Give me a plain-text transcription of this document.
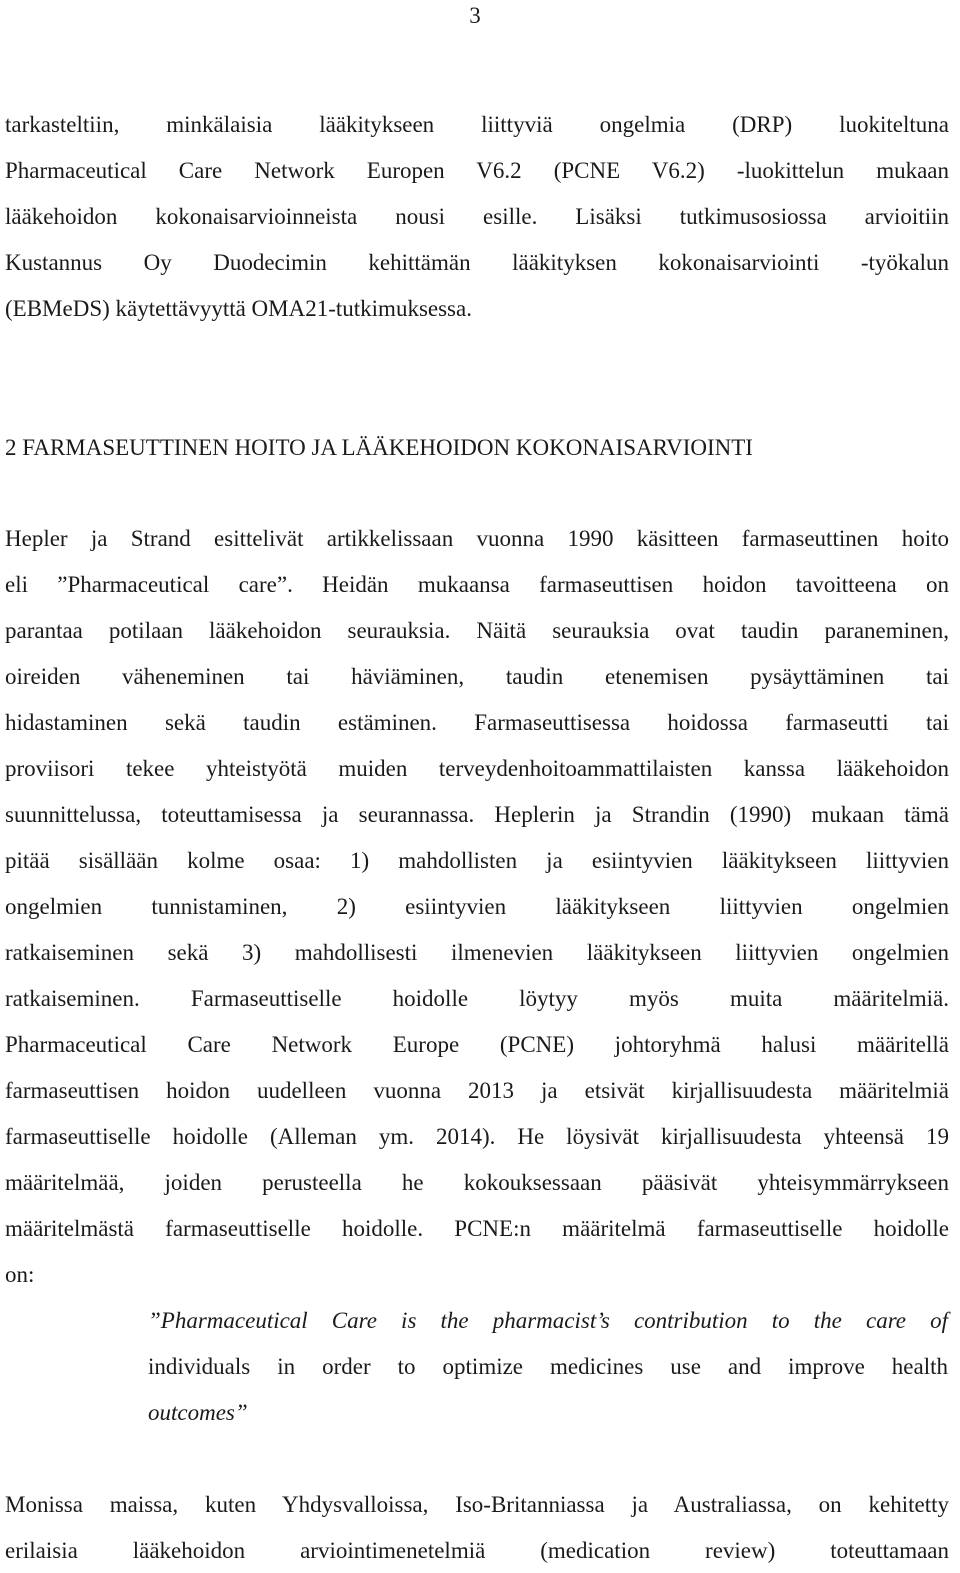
3
tarkasteltiin, minkälaisia lääkitykseen liittyviä ongelmia (DRP) luokiteltuna
Pharmaceutical Care Network Europen V6.2 (PCNE V6.2) -luokittelun mukaan
lääkehoidon kokonaisarvioinneista nousi esille. Lisäksi tutkimusosiossa arvioitiin
Kustannus Oy Duodecimin kehittämän lääkityksen kokonaisarviointi -työkalun
(EBMeDS) käytettävyyttä OMA21-tutkimuksessa.
2 FARMASEUTTINEN HOITO JA LÄÄKEHOIDON KOKONAISARVIOINTI
Hepler ja Strand esittelivät artikkelissaan vuonna 1990 käsitteen farmaseuttinen hoito
eli ”Pharmaceutical care”. Heidän mukaansa farmaseuttisen hoidon tavoitteena on
parantaa potilaan lääkehoidon seurauksia. Näitä seurauksia ovat taudin paraneminen,
oireiden väheneminen tai häviäminen, taudin etenemisen pysäyttäminen tai
hidastaminen sekä taudin estäminen. Farmaseuttisessa hoidossa farmaseutti tai
proviisori tekee yhteistyötä muiden terveydenhoitoammattilaisten kanssa lääkehoidon
suunnittelussa, toteuttamisessa ja seurannassa. Heplerin ja Strandin (1990) mukaan tämä
pitää sisällään kolme osaa: 1) mahdollisten ja esiintyvien lääkitykseen liittyvien
ongelmien tunnistaminen, 2) esiintyvien lääkitykseen liittyvien ongelmien
ratkaiseminen sekä 3) mahdollisesti ilmenevien lääkitykseen liittyvien ongelmien
ratkaiseminen. Farmaseuttiselle hoidolle löytyy myös muita määritelmiä.
Pharmaceutical Care Network Europe (PCNE) johtoryhmä halusi määritellä
farmaseuttisen hoidon uudelleen vuonna 2013 ja etsivät kirjallisuudesta määritelmiä
farmaseuttiselle hoidolle (Alleman ym. 2014). He löysivät kirjallisuudesta yhteensä 19
määritelmää, joiden perusteella he kokouksessaan pääsivät yhteisymmärrykseen
määritelmästä farmaseuttiselle hoidolle. PCNE:n määritelmä farmaseuttiselle hoidolle
on:
”Pharmaceutical Care is the pharmacist’s contribution to the care of
individuals in order to optimize medicines use and improve health
outcomes”
Monissa maissa, kuten Yhdysvalloissa, Iso-Britanniassa ja Australiassa, on kehitetty
erilaisia lääkehoidon arviointimenetelmiä (medication review) toteuttamaan
